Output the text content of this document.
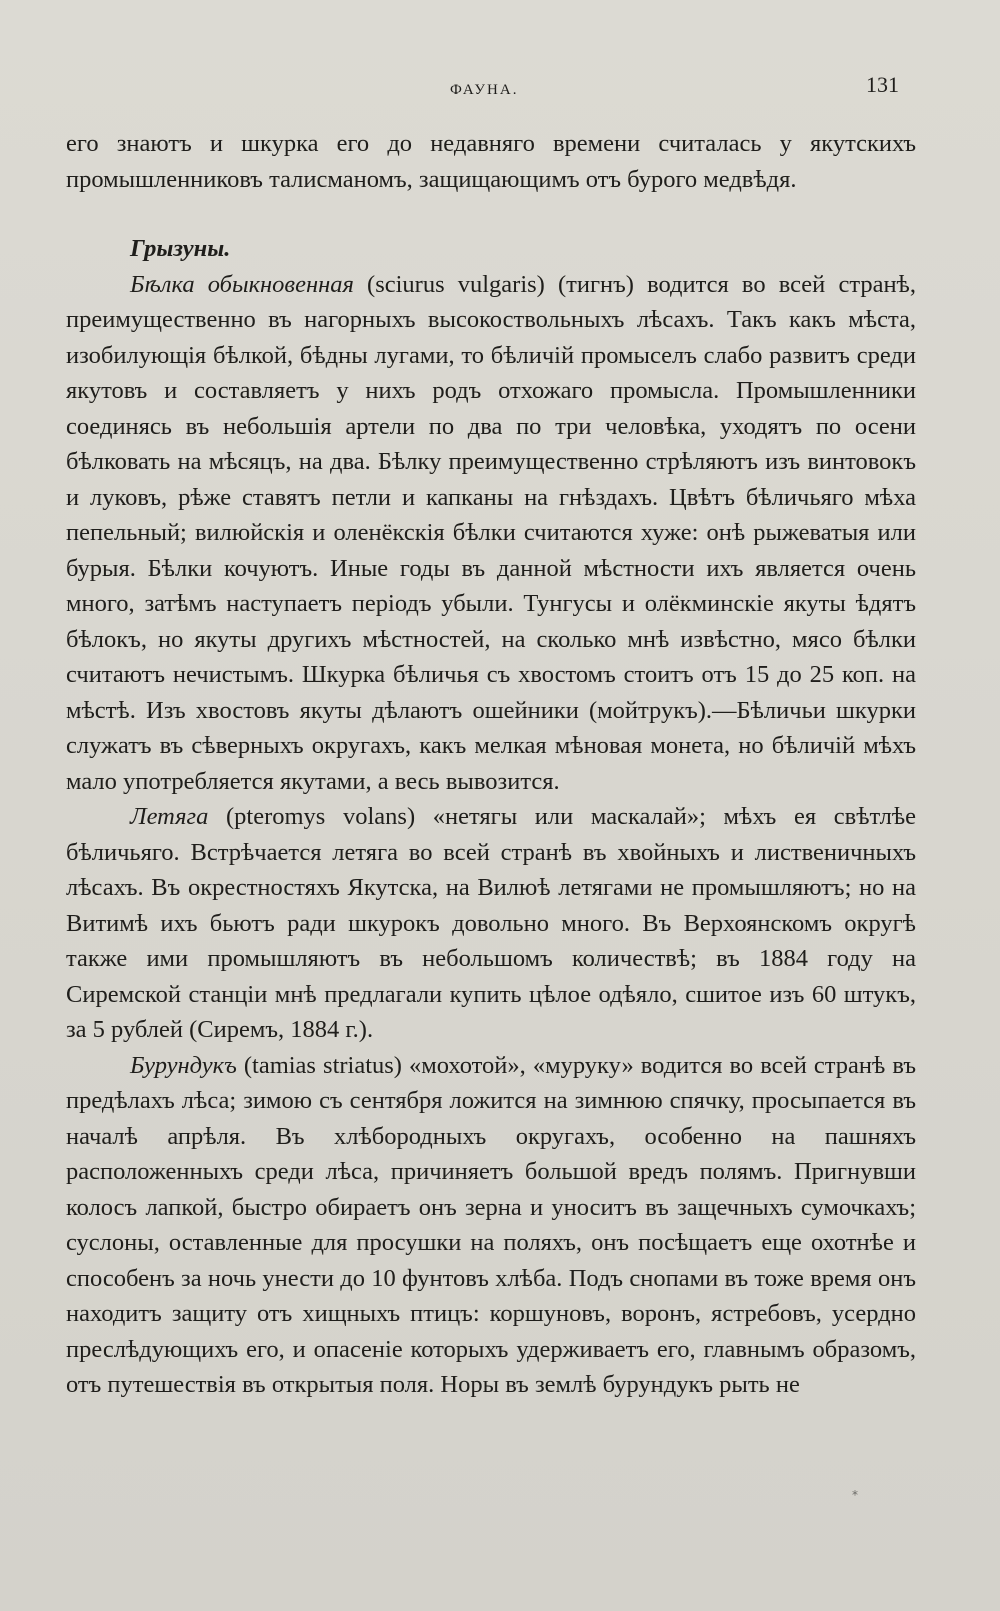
ФАУНА.	131

его знаютъ и шкурка его до недавняго времени считалась у якутскихъ промышленниковъ талисманомъ, защищающимъ отъ бурого медвѣдя.

Грызуны.

Бѣлка обыкновенная (sciurus vulgaris) (тигнъ) водится во всей странѣ, преимущественно въ нагорныхъ высокоствольныхъ лѣсахъ. Такъ какъ мѣста, изобилующія бѣлкой, бѣдны лугами, то бѣличій промыселъ слабо развитъ среди якутовъ и составляетъ у нихъ родъ отхожаго промысла. Промышленники соединясь въ небольшія артели по два по три человѣка, уходятъ по осени бѣлковать на мѣсяцъ, на два. Бѣлку преимущественно стрѣляютъ изъ винтовокъ и луковъ, рѣже ставятъ петли и капканы на гнѣздахъ. Цвѣтъ бѣличьяго мѣха пепельный; вилюйскія и оленёкскія бѣлки считаются хуже: онѣ рыжеватыя или бурыя. Бѣлки кочуютъ. Иные годы въ данной мѣстности ихъ является очень много, затѣмъ наступаетъ періодъ убыли. Тунгусы и олёкминскіе якуты ѣдятъ бѣлокъ, но якуты другихъ мѣстностей, на сколько мнѣ извѣстно, мясо бѣлки считаютъ нечистымъ. Шкурка бѣличья съ хвостомъ стоитъ отъ 15 до 25 коп. на мѣстѣ. Изъ хвостовъ якуты дѣлаютъ ошейники (мойтрукъ).—Бѣличьи шкурки служатъ въ сѣверныхъ округахъ, какъ мелкая мѣновая монета, но бѣличій мѣхъ мало употребляется якутами, а весь вывозится.

Летяга (pteromys volans) «нетягы или маскалай»; мѣхъ ея свѣтлѣе бѣличьяго. Встрѣчается летяга во всей странѣ въ хвойныхъ и лиственичныхъ лѣсахъ. Въ окрестностяхъ Якутска, на Вилюѣ летягами не промышляютъ; но на Витимѣ ихъ бьютъ ради шкурокъ довольно много. Въ Верхоянскомъ округѣ также ими промышляютъ въ небольшомъ количествѣ; въ 1884 году на Сиремской станціи мнѣ предлагали купить цѣлое одѣяло, сшитое изъ 60 штукъ, за 5 рублей (Сиремъ, 1884 г.).

Бурундукъ (tamias striatus) «мохотой», «муруку» водится во всей странѣ въ предѣлахъ лѣса; зимою съ сентября ложится на зимнюю спячку, просыпается въ началѣ апрѣля. Въ хлѣбородныхъ округахъ, особенно на пашняхъ расположенныхъ среди лѣса, причиняетъ большой вредъ полямъ. Пригнувши колосъ лапкой, быстро обираетъ онъ зерна и уноситъ въ защечныхъ сумочкахъ; суслоны, оставленные для просушки на поляхъ, онъ посѣщаетъ еще охотнѣе и способенъ за ночь унести до 10 фунтовъ хлѣба. Подъ снопами въ тоже время онъ находитъ защиту отъ хищныхъ птицъ: коршуновъ, воронъ, ястребовъ, усердно преслѣдующихъ его, и опасеніе которыхъ удерживаетъ его, главнымъ образомъ, отъ путешествія въ открытыя поля. Норы въ землѣ бурундукъ рыть не

*
